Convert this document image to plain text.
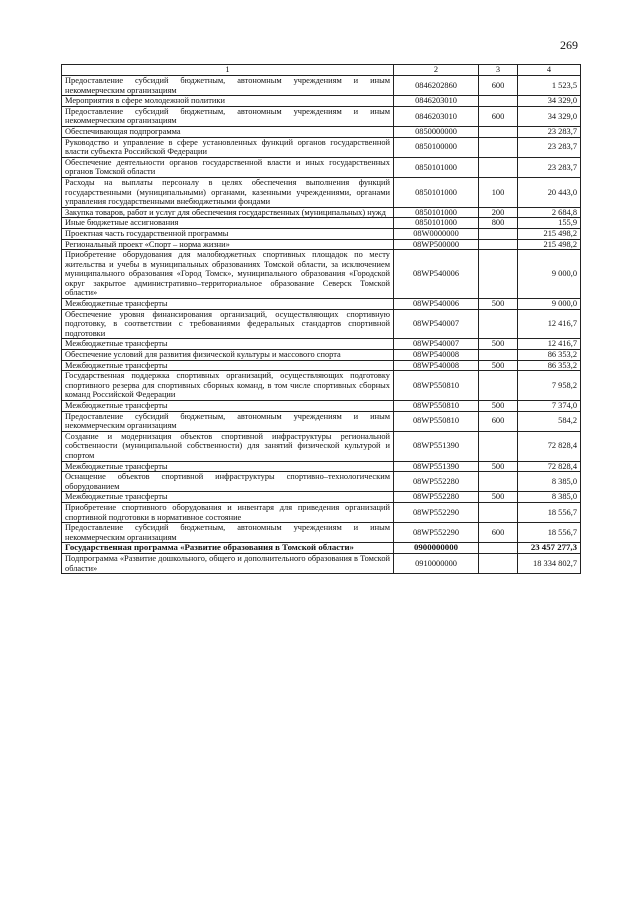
269
1	2	3	4
Предоставление субсидий бюджетным, автономным учреждениям и иным некоммерческим организациям	0846202860	600	1 523,5
Мероприятия в сфере молодежной политики	0846203010		34 329,0
Предоставление субсидий бюджетным, автономным учреждениям и иным некоммерческим организациям	0846203010	600	34 329,0
Обеспечивающая подпрограмма	0850000000		23 283,7
Руководство и управление в сфере установленных функций органов государственной власти субъекта Российской Федерации	0850100000		23 283,7
Обеспечение деятельности органов государственной власти и иных государственных органов Томской области	0850101000		23 283,7
Расходы на выплаты персоналу в целях обеспечения выполнения функций государственными (муниципальными) органами, казенными учреждениями, органами управления государственными внебюджетными фондами	0850101000	100	20 443,0
Закупка товаров, работ и услуг для обеспечения государственных (муниципальных) нужд	0850101000	200	2 684,8
Иные бюджетные ассигнования	0850101000	800	155,9
Проектная часть государственной программы	08W0000000		215 498,2
Региональный проект «Спорт – норма жизни»	08WP500000		215 498,2
Приобретение оборудования для малобюджетных спортивных площадок по месту жительства и учебы в муниципальных образованиях Томской области, за исключением муниципального образования «Город Томск», муниципального образования «Городской округ закрытое административно–территориальное образование Северск Томской области»	08WP540006		9 000,0
Межбюджетные трансферты	08WP540006	500	9 000,0
Обеспечение уровня финансирования организаций, осуществляющих спортивную подготовку, в соответствии с требованиями федеральных стандартов спортивной подготовки	08WP540007		12 416,7
Межбюджетные трансферты	08WP540007	500	12 416,7
Обеспечение условий для развития физической культуры и массового спорта	08WP540008		86 353,2
Межбюджетные трансферты	08WP540008	500	86 353,2
Государственная поддержка спортивных организаций, осуществляющих подготовку спортивного резерва для спортивных сборных команд, в том числе спортивных сборных команд Российской Федерации	08WP550810		7 958,2
Межбюджетные трансферты	08WP550810	500	7 374,0
Предоставление субсидий бюджетным, автономным учреждениям и иным некоммерческим организациям	08WP550810	600	584,2
Создание и модернизация объектов спортивной инфраструктуры региональной собственности (муниципальной собственности) для занятий физической культурой и спортом	08WP551390		72 828,4
Межбюджетные трансферты	08WP551390	500	72 828,4
Оснащение объектов спортивной инфраструктуры спортивно–технологическим оборудованием	08WP552280		8 385,0
Межбюджетные трансферты	08WP552280	500	8 385,0
Приобретение спортивного оборудования и инвентаря для приведения организаций спортивной подготовки в нормативное состояние	08WP552290		18 556,7
Предоставление субсидий бюджетным, автономным учреждениям и иным некоммерческим организациям	08WP552290	600	18 556,7
Государственная программа «Развитие образования в Томской области»	0900000000		23 457 277,3
Подпрограмма «Развитие дошкольного, общего и дополнительного образования в Томской области»	0910000000		18 334 802,7
